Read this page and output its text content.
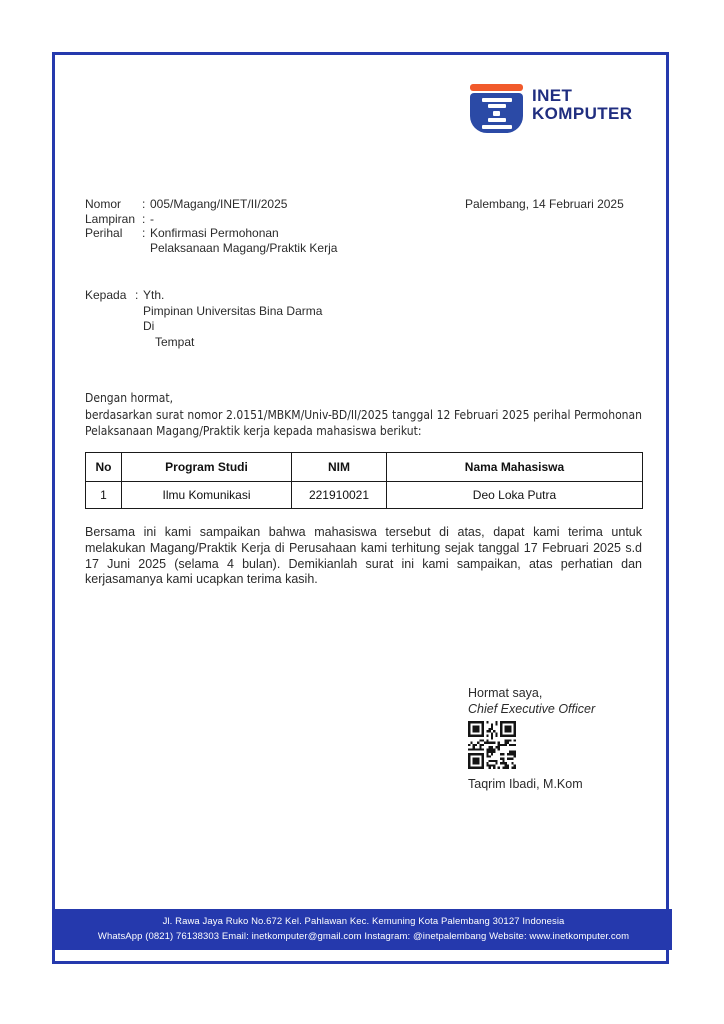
INET
KOMPUTER
Nomor	: 005/Magang/INET/II/2025
Lampiran : -
Perihal	: Konfirmasi Permohonan
Pelaksanaan Magang/Praktik Kerja
Palembang, 14 Februari 2025
Kepada : Yth.
Pimpinan Universitas Bina Darma
Di
Tempat
Dengan hormat,
berdasarkan surat nomor 2.0151/MBKM/Univ-BD/II/2025 tanggal 12 Februari 2025 perihal Permohonan Pelaksanaan Magang/Praktik kerja kepada mahasiswa berikut:
No	Program Studi	NIM	Nama Mahasiswa
1	Ilmu Komunikasi	221910021	Deo Loka Putra
Bersama ini kami sampaikan bahwa mahasiswa tersebut di atas, dapat kami terima untuk melakukan Magang/Praktik Kerja di Perusahaan kami terhitung sejak tanggal 17 Februari 2025 s.d 17 Juni 2025 (selama 4 bulan). Demikianlah surat ini kami sampaikan, atas perhatian dan kerjasamanya kami ucapkan terima kasih.
Hormat saya,
Chief Executive Officer
Taqrim Ibadi, M.Kom
Jl. Rawa Jaya Ruko No.672 Kel. Pahlawan Kec. Kemuning Kota Palembang 30127 Indonesia
WhatsApp (0821) 76138303 Email: inetkomputer@gmail.com Instagram: @inetpalembang Website: www.inetkomputer.com
